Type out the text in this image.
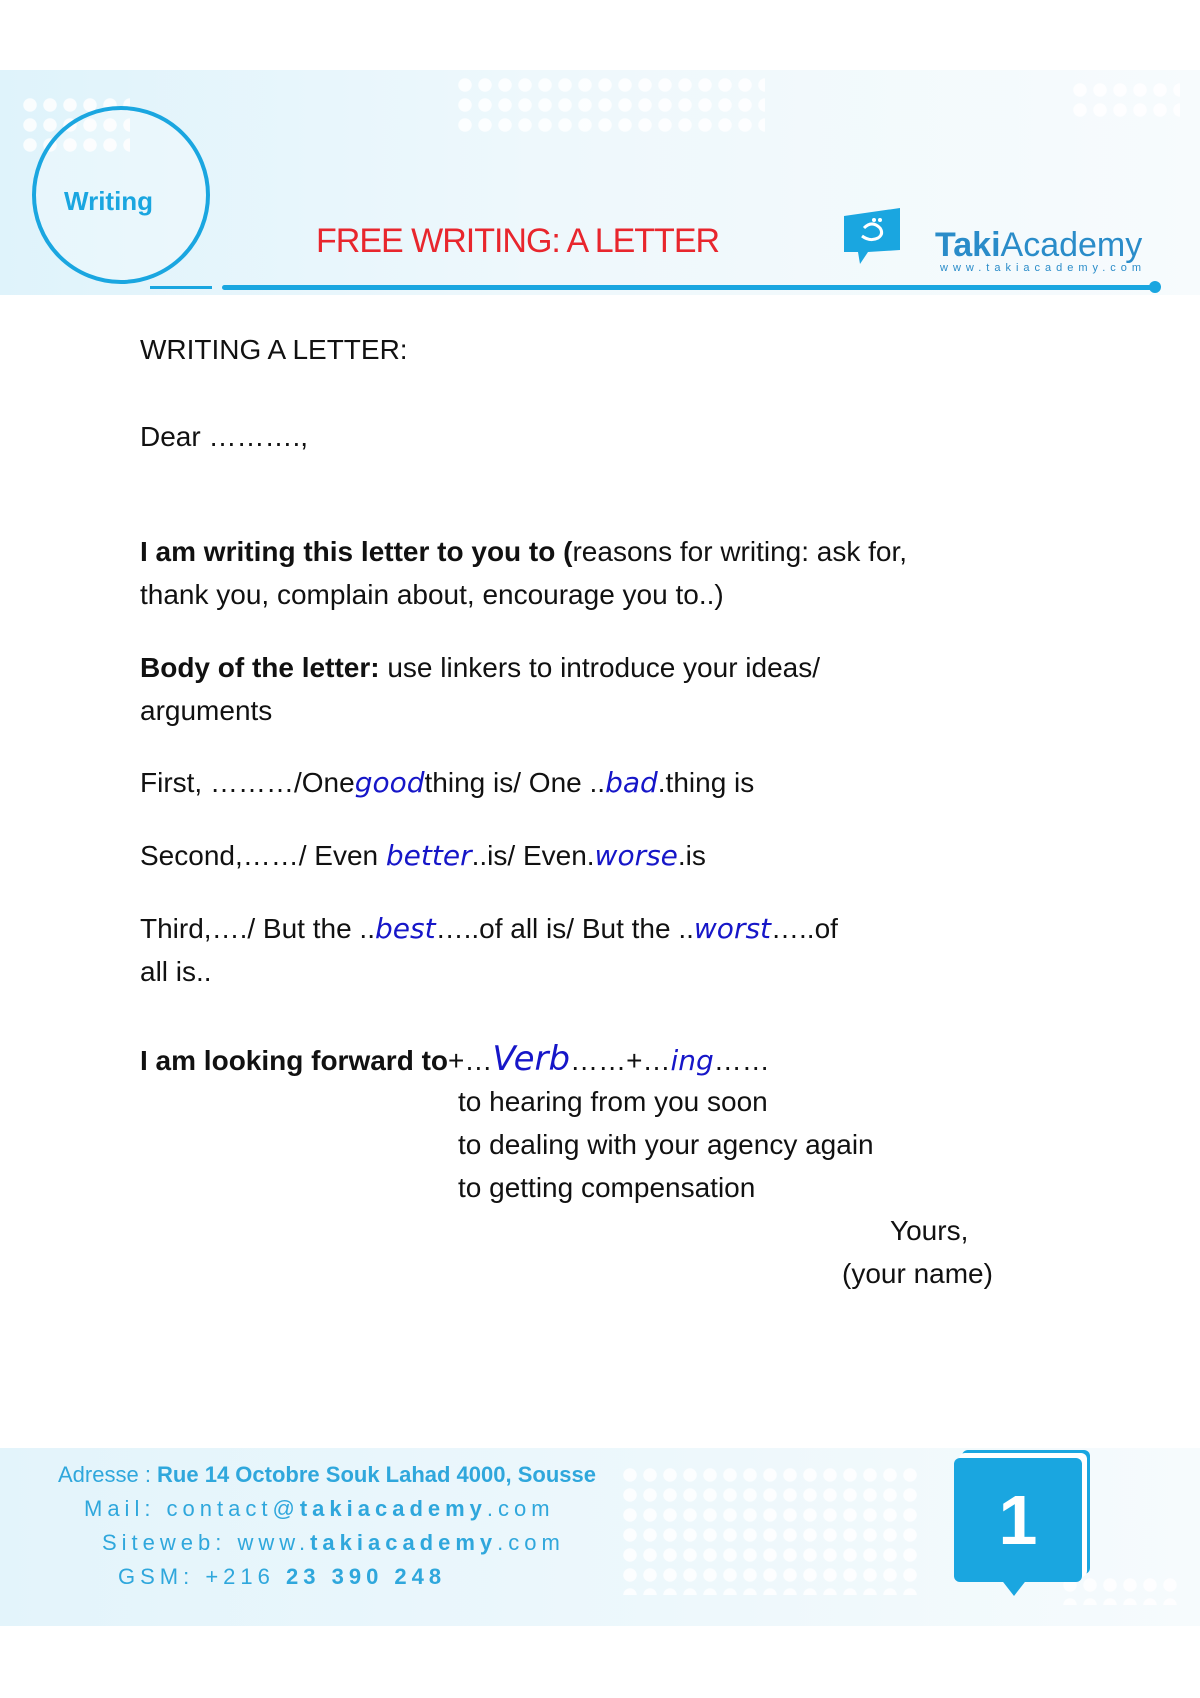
Writing
FREE WRITING: A LETTER	TakiAcademy
www.takiacademy.com
WRITING A LETTER:
Dear ……….,
I am writing this letter to you to (reasons for writing: ask for,
thank you, complain about, encourage you to..)
Body of the letter: use linkers to introduce your ideas/
arguments
First, ………/Onegoodthing is/ One ..bad.thing is
Second,……/ Even better..is/ Even.worse.is
Third,…./ But the ..best…..of all is/ But the ..worst…..of
all is..
I am looking forward to+…Verb……+…ing……
to hearing from you soon
to dealing with your agency again
to getting compensation
Yours,
(your name)
Adresse : Rue 14 Octobre Souk Lahad 4000, Sousse
Mail: contact@takiacademy.com
Siteweb: www.takiacademy.com
GSM: +216 23 390 248
1
